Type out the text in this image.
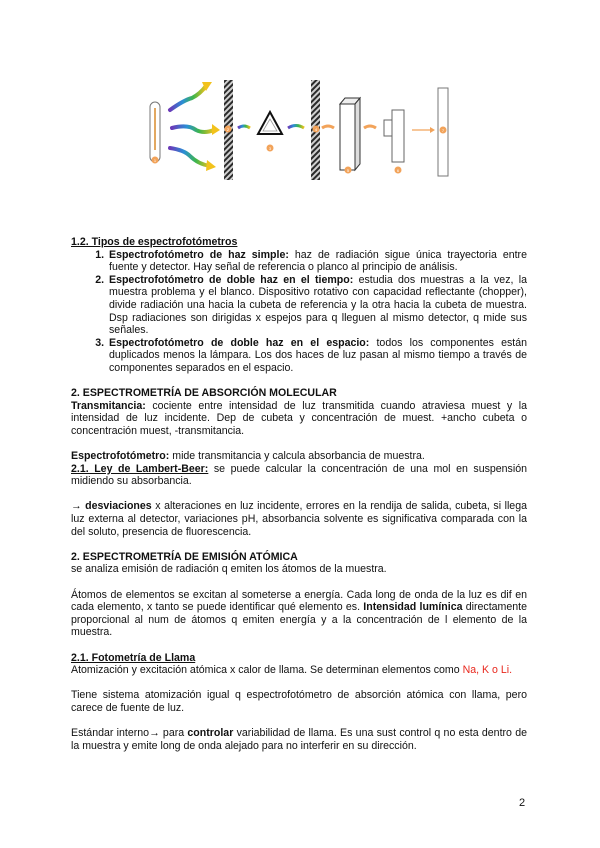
1
2
3
4
5	6
7

1.2. Tipos de espectrofotómetros

1. Espectrofotómetro de haz simple: haz de radiación sigue única trayectoria entre fuente y detector. Hay señal de referencia o planco al principio de análisis.
2. Espectrofotómetro de doble haz en el tiempo: estudia dos muestras a la vez, la muestra problema y el blanco. Dispositivo rotativo con capacidad reflectante (chopper), divide radiación una hacia la cubeta de referencia y la otra hacia la cubeta de muestra. Dsp radiaciones son dirigidas x espejos para q lleguen al mismo detector, q mide sus señales.
3. Espectrofotómetro de doble haz en el espacio: todos los componentes están duplicados menos la lámpara. Los dos haces de luz pasan al mismo tiempo a través de componentes separados en el espacio.

2. ESPECTROMETRÍA DE ABSORCIÓN MOLECULAR

Transmitancia: cociente entre intensidad de luz transmitida cuando atraviesa muest y la intensidad de luz incidente. Dep de cubeta y concentración de muest. +ancho cubeta o concentración muest, -transmitancia.

Espectrofotómetro: mide transmitancia y calcula absorbancia de muestra.

2.1. Ley de Lambert-Beer: se puede calcular la concentración de una mol en suspensión midiendo su absorbancia.

→ desviaciones x alteraciones en luz incidente, errores en la rendija de salida, cubeta, si llega luz externa al detector, variaciones pH, absorbancia solvente es significativa comparada con la del soluto, presencia de fluorescencia.

2. ESPECTROMETRÍA DE EMISIÓN ATÓMICA

se analiza emisión de radiación q emiten los átomos de la muestra.

Átomos de elementos se excitan al someterse a energía. Cada long de onda de la luz es dif en cada elemento, x tanto se puede identificar qué elemento es. Intensidad lumínica directamente proporcional al num de átomos q emiten energía y a la concentración de l elemento de la muestra.

2.1. Fotometría de Llama

Atomización y excitación atómica x calor de llama. Se determinan elementos como Na, K o Li.

Tiene sistema atomización igual q espectrofotómetro de absorción atómica con llama, pero carece de fuente de luz.

Estándar interno→ para controlar variabilidad de llama. Es una sust control q no esta dentro de la muestra y emite long de onda alejado para no interferir en su dirección.

2
